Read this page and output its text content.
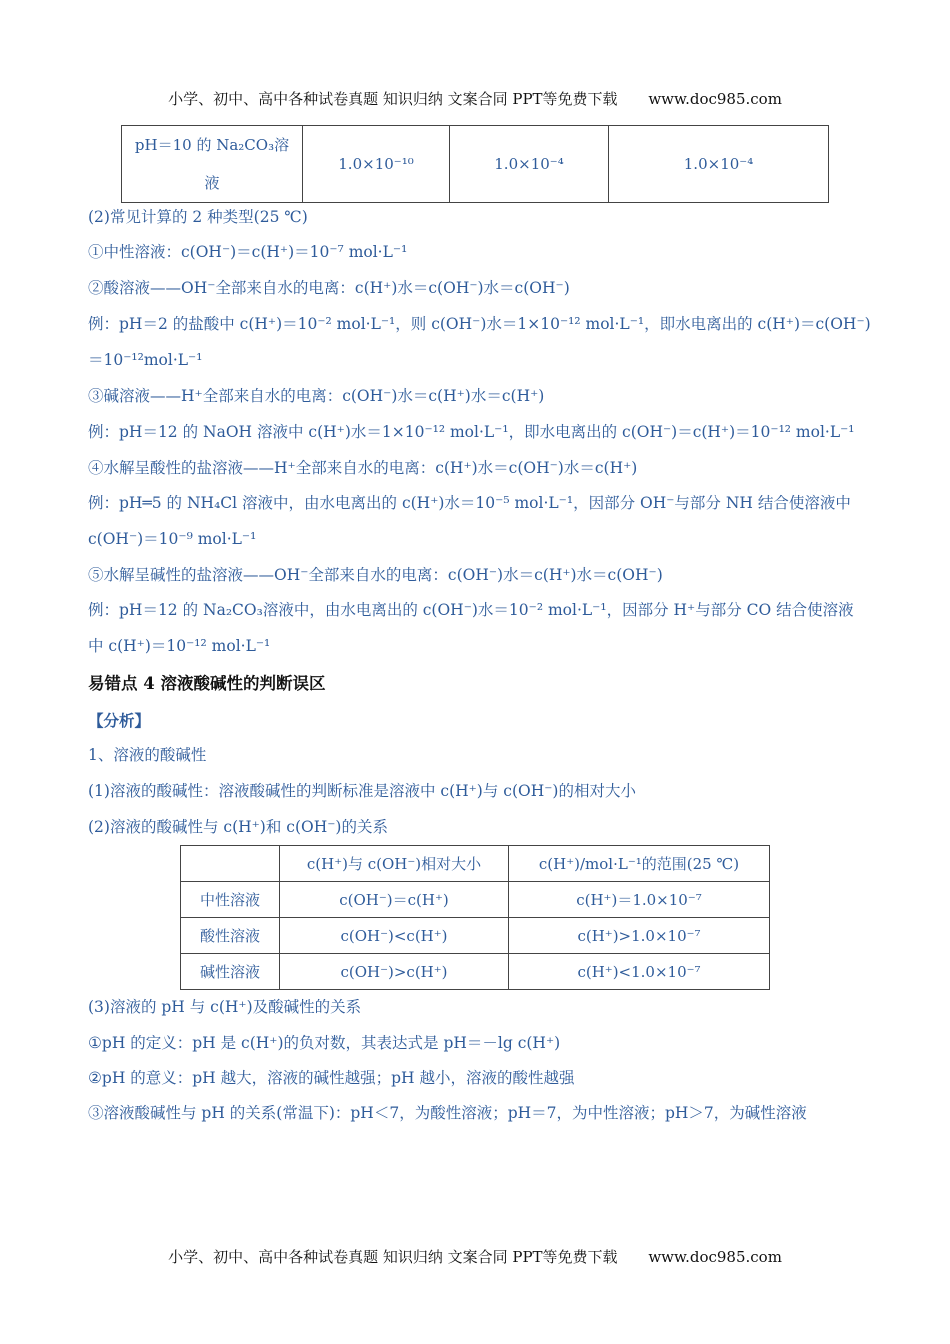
小学、初中、高中各种试卷真题 知识归纳 文案合同 PPT等免费下载 www.doc985.com
pH＝10 的 Na₂CO₃溶
液
	1.0×10⁻¹⁰	1.0×10⁻⁴	1.0×10⁻⁴
(2)常见计算的 2 种类型(25 ℃)
①中性溶液：c(OH⁻)＝c(H⁺)＝10⁻⁷ mol·L⁻¹
②酸溶液——OH⁻全部来自水的电离：c(H⁺)水＝c(OH⁻)水＝c(OH⁻)
例：pH＝2 的盐酸中 c(H⁺)＝10⁻² mol·L⁻¹，则 c(OH⁻)水＝1×10⁻¹² mol·L⁻¹，即水电离出的 c(H⁺)＝c(OH⁻)
＝10⁻¹²mol·L⁻¹
③碱溶液——H⁺全部来自水的电离：c(OH⁻)水＝c(H⁺)水＝c(H⁺)
例：pH＝12 的 NaOH 溶液中 c(H⁺)水＝1×10⁻¹² mol·L⁻¹，即水电离出的 c(OH⁻)＝c(H⁺)＝10⁻¹² mol·L⁻¹
④水解呈酸性的盐溶液——H⁺全部来自水的电离：c(H⁺)水＝c(OH⁻)水＝c(H⁺)
例：pH═5 的 NH₄Cl 溶液中，由水电离出的 c(H⁺)水＝10⁻⁵ mol·L⁻¹，因部分 OH⁻与部分 NH 结合使溶液中
c(OH⁻)＝10⁻⁹ mol·L⁻¹
⑤水解呈碱性的盐溶液——OH⁻全部来自水的电离：c(OH⁻)水＝c(H⁺)水＝c(OH⁻)
例：pH＝12 的 Na₂CO₃溶液中，由水电离出的 c(OH⁻)水＝10⁻² mol·L⁻¹，因部分 H⁺与部分 CO 结合使溶液
中 c(H⁺)＝10⁻¹² mol·L⁻¹
易错点 4 溶液酸碱性的判断误区
【分析】
1、溶液的酸碱性
(1)溶液的酸碱性：溶液酸碱性的判断标准是溶液中 c(H⁺)与 c(OH⁻)的相对大小
(2)溶液的酸碱性与 c(H⁺)和 c(OH⁻)的关系
	c(H⁺)与 c(OH⁻)相对大小	c(H⁺)/mol·L⁻¹的范围(25 ℃)
中性溶液	c(OH⁻)＝c(H⁺)	c(H⁺)＝1.0×10⁻⁷
酸性溶液	c(OH⁻)<c(H⁺)	c(H⁺)>1.0×10⁻⁷
碱性溶液	c(OH⁻)>c(H⁺)	c(H⁺)<1.0×10⁻⁷
(3)溶液的 pH 与 c(H⁺)及酸碱性的关系
①pH 的定义：pH 是 c(H⁺)的负对数，其表达式是 pH＝－lg c(H⁺)
②pH 的意义：pH 越大，溶液的碱性越强；pH 越小，溶液的酸性越强
③溶液酸碱性与 pH 的关系(常温下)：pH＜7，为酸性溶液；pH＝7，为中性溶液；pH＞7，为碱性溶液
小学、初中、高中各种试卷真题 知识归纳 文案合同 PPT等免费下载 www.doc985.com
